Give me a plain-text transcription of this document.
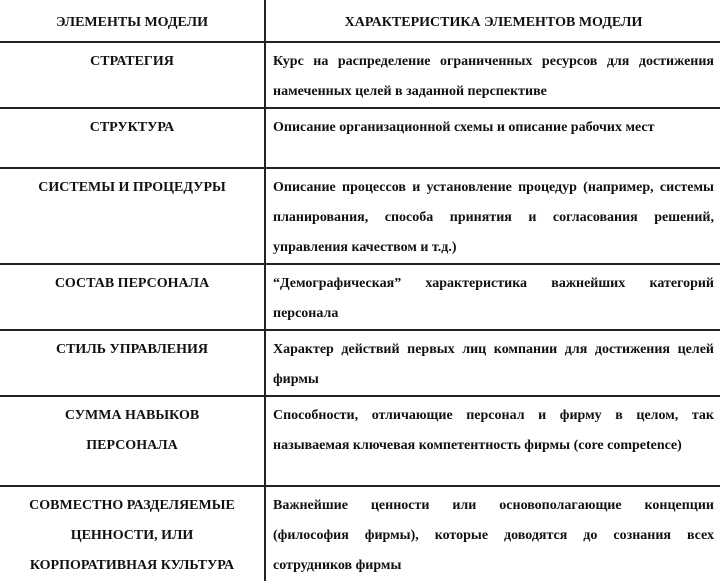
ЭЛЕМЕНТЫ МОДЕЛИ	ХАРАКТЕРИСТИКА ЭЛЕМЕНТОВ МОДЕЛИ

СТРАТЕГИЯ	Курс на распределение ограниченных ресурсов для достижения намеченных целей в заданной перспективе

СТРУКТУРА	Описание организационной схемы и описание рабочих мест

СИСТЕМЫ И ПРОЦЕДУРЫ	Описание процессов и установление процедур (например, системы планирования, способа принятия и согласования решений, управления качеством и т.д.)

СОСТАВ ПЕРСОНАЛА	“Демографическая” характеристика важнейших категорий персонала

СТИЛЬ УПРАВЛЕНИЯ	Характер действий первых лиц компании для достижения целей фирмы

СУММА НАВЫКОВ
ПЕРСОНАЛА	Способности, отличающие персонал и фирму в целом, так называемая ключевая компетентность фирмы (core competence)

СОВМЕСТНО РАЗДЕЛЯЕМЫЕ
ЦЕННОСТИ, ИЛИ
КОРПОРАТИВНАЯ КУЛЬТУРА	Важнейшие ценности или основополагающие концепции (философия фирмы), которые доводятся до сознания всех сотрудников фирмы
